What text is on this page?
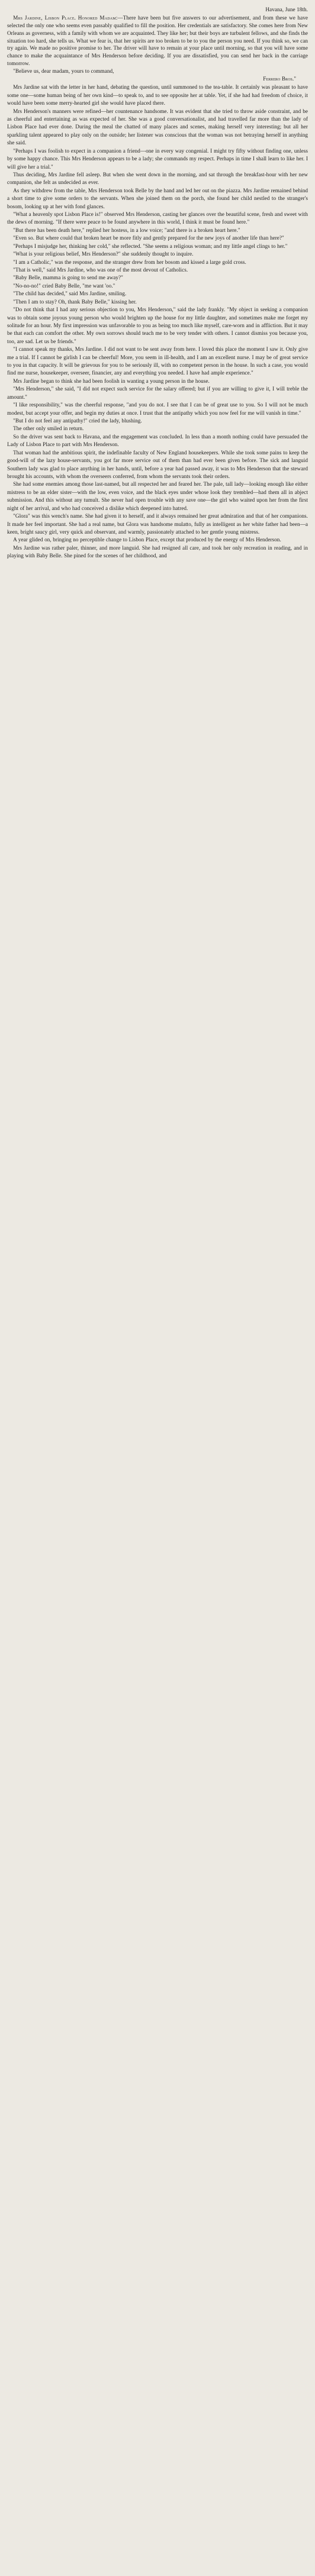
Havana, June 18th.

Mrs Jardine, Lisbon Place. Honored Madam:—There have been but five answers to our advertisement, and from these we have selected the only one who seems even passably qualified to fill the position. Her credentials are satisfactory. She comes here from New Orleans as governess, with a family with whom we are acquainted. They like her; but their boys are turbulent fellows, and she finds the situation too hard, she tells us. What we fear is, that her spirits are too broken to be to you the person you need. If you think so, we can try again. We made no positive promise to her. The driver will have to remain at your place until morning, so that you will have some chance to make the acquaintance of Mrs Henderson before deciding. If you are dissatisfied, you can send her back in the carriage tomorrow.

"Believe us, dear madam, yours to command,

Ferrero Bros."

Mrs Jardine sat with the letter in her hand, debating the question, until summoned to the tea-table. It certainly was pleasant to have some one—some human being of her own kind—to speak to, and to see opposite her at table. Yet, if she had had freedom of choice, it would have been some merry-hearted girl she would have placed there.

Mrs Henderson's manners were refined—her countenance handsome. It was evident that she tried to throw aside constraint, and be as cheerful and entertaining as was expected of her. She was a good conversationalist, and had travelled far more than the lady of Lisbon Place had ever done. During the meal the chatted of many places and scenes, making herself very interesting; but all her sparkling talent appeared to play only on the outside; her listener was conscious that the woman was not betraying herself in anything she said.

"Perhaps I was foolish to expect in a companion a friend—one in every way congenial. I might try fifty without finding one, unless by some happy chance. This Mrs Henderson appears to be a lady; she commands my respect. Perhaps in time I shall learn to like her. I will give her a trial."

Thus deciding, Mrs Jardine fell asleep. But when she went down in the morning, and sat through the breakfast-hour with her new companion, she felt as undecided as ever.

As they withdrew from the table, Mrs Henderson took Belle by the hand and led her out on the piazza. Mrs Jardine remained behind a short time to give some orders to the servants. When she joined them on the porch, she found her child nestled to the stranger's bosom, looking up at her with fond glances.

"What a heavenly spot Lisbon Place is!" observed Mrs Henderson, casting her glances over the beautiful scene, fresh and sweet with the dews of morning. "If there were peace to be found anywhere in this world, I think it must be found here."

"But there has been death here," replied her hostess, in a low voice; "and there is a broken heart here."

"Even so. But where could that broken heart be more fitly and gently prepared for the new joys of another life than here?"

"Perhaps I misjudge her, thinking her cold," she reflected. "She seems a religious woman; and my little angel clings to her."

"What is your religious belief, Mrs Henderson?" she suddenly thought to inquire.

"I am a Catholic," was the response, and the stranger drew from her bosom and kissed a large gold cross.

"That is well," said Mrs Jardine, who was one of the most devout of Catholics.

"Baby Belle, mamma is going to send me away?"

"No-no-no!" cried Baby Belle, "me want 'oo."

"The child has decided," said Mrs Jardine, smiling.

"Then I am to stay? Oh, thank Baby Belle," kissing her.

"Do not think that I had any serious objection to you, Mrs Henderson," said the lady frankly. "My object in seeking a companion was to obtain some joyous young person who would brighten up the house for my little daughter, and sometimes make me forget my solitude for an hour. My first impression was unfavorable to you as being too much like myself, care-worn and in affliction. But it may be that each can comfort the other. My own sorrows should teach me to be very tender with others. I cannot dismiss you because you, too, are sad. Let us be friends."

"I cannot speak my thanks, Mrs Jardine. I did not want to be sent away from here. I loved this place the moment I saw it. Only give me a trial. If I cannot be girlish I can be cheerful! More, you seem in ill-health, and I am an excellent nurse. I may be of great service to you in that capacity. It will be grievous for you to be seriously ill, with no competent person in the house. In such a case, you would find me nurse, housekeeper, overseer, financier, any and everything you needed. I have had ample experience."

Mrs Jardine began to think she had been foolish in wanting a young person in the house.

"Mrs Henderson," she said, "I did not expect such service for the salary offered; but if you are willing to give it, I will treble the amount."

"I like responsibility," was the cheerful response, "and you do not. I see that I can be of great use to you. So I will not be much modest, but accept your offer, and begin my duties at once. I trust that the antipathy which you now feel for me will vanish in time."

"But I do not feel any antipathy!" cried the lady, blushing.

The other only smiled in return.

So the driver was sent back to Havana, and the engagement was concluded. In less than a month nothing could have persuaded the Lady of Lisbon Place to part with Mrs Henderson.

That woman had the ambitious spirit, the indefinable faculty of New England housekeepers. While she took some pains to keep the good-will of the lazy house-servants, you got far more service out of them than had ever been given before. The sick and languid Southern lady was glad to place anything in her hands, until, before a year had passed away, it was to Mrs Henderson that the steward brought his accounts, with whom the overseers conferred, from whom the servants took their orders.

She had some enemies among those last-named, but all respected her and feared her. The pale, tall lady—looking enough like either mistress to be an elder sister—with the low, even voice, and the black eyes under whose look they trembled—had them all in abject submission. And this without any tumult. She never had open trouble with any save one—the girl who waited upon her from the first night of her arrival, and who had conceived a dislike which deepened into hatred.

"Glora" was this wench's name. She had given it to herself, and it always remained her great admiration and that of her companions. It made her feel important. She had a real name, but Glora was handsome mulatto, fully as intelligent as her white father had been—a keen, bright saucy girl, very quick and observant, and warmly, passionately attached to her gentle young mistress.

A year glided on, bringing no perceptible change to Lisbon Place, except that produced by the energy of Mrs Henderson.

Mrs Jardine was rather paler, thinner, and more languid. She had resigned all care, and took her only recreation in reading, and in playing with Baby Belle. She pined for the scenes of her childhood, and
